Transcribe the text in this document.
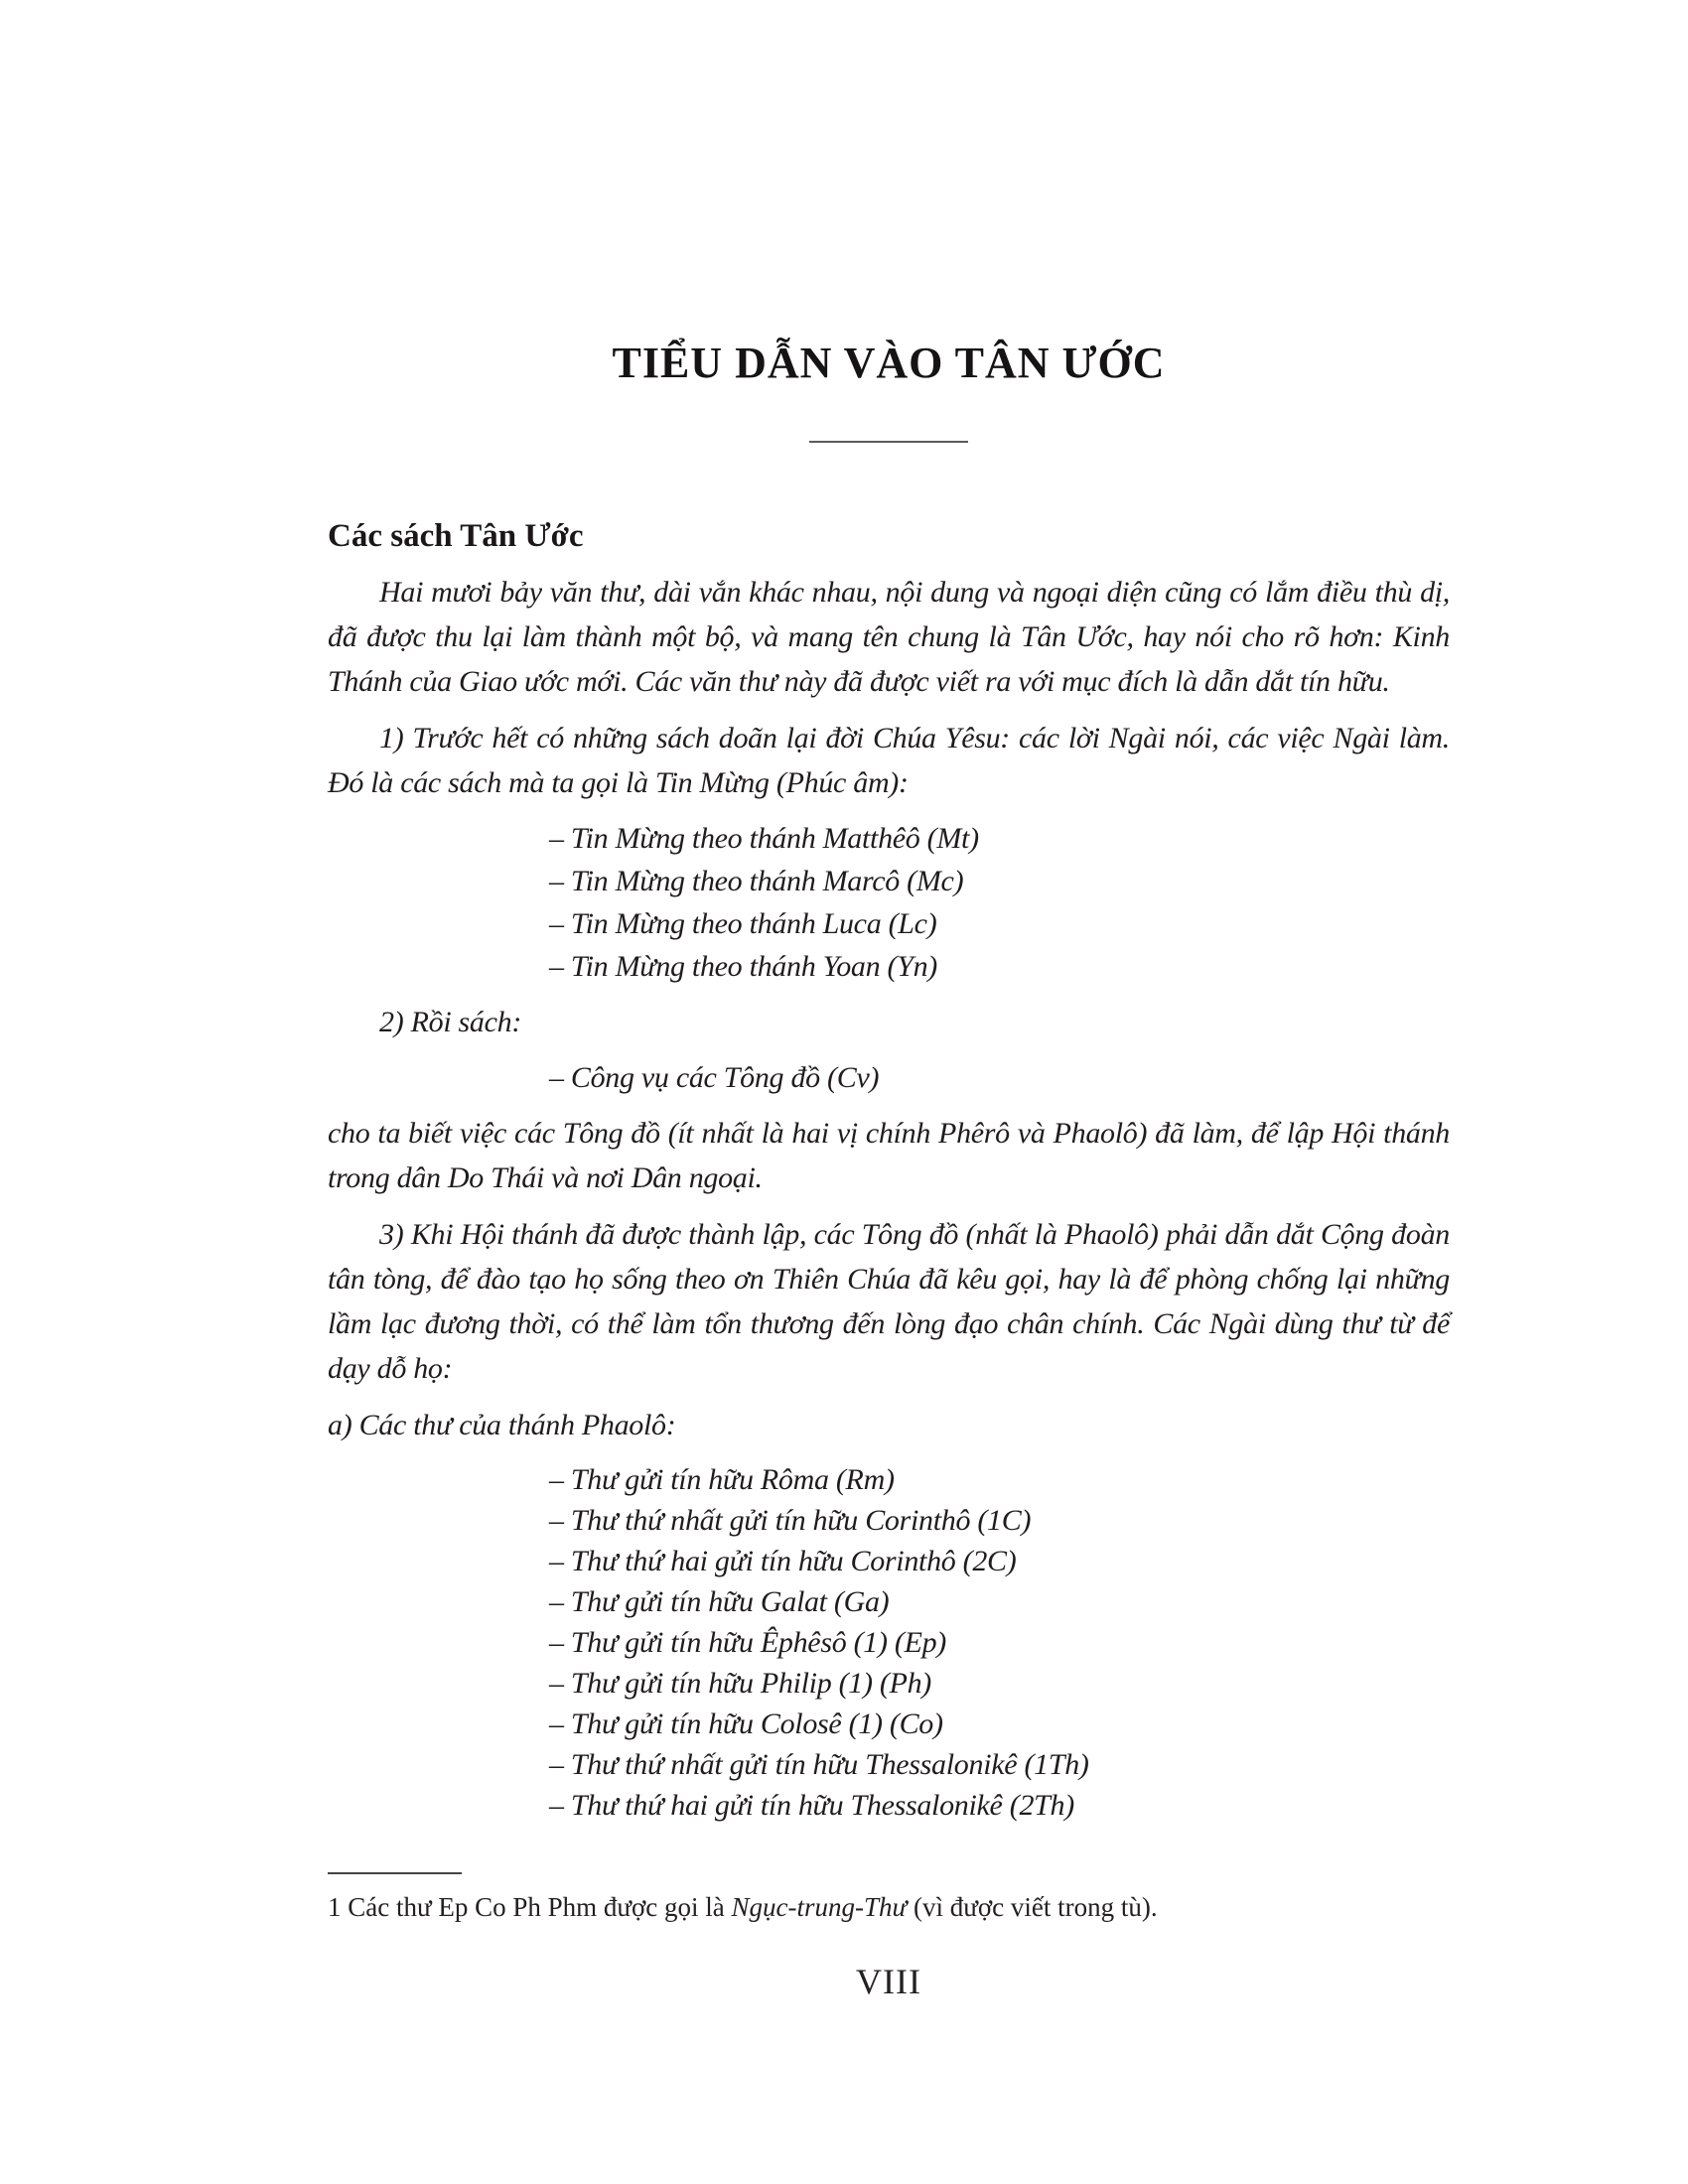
TIỂU DẪN VÀO TÂN ƯỚC
Các sách Tân Ước

Hai mươi bảy văn thư, dài vắn khác nhau, nội dung và ngoại diện cũng có lắm điều thù dị, đã được thu lại làm thành một bộ, và mang tên chung là Tân Ước, hay nói cho rõ hơn: Kinh Thánh của Giao ước mới. Các văn thư này đã được viết ra với mục đích là dẫn dắt tín hữu.

1) Trước hết có những sách doãn lại đời Chúa Yêsu: các lời Ngài nói, các việc Ngài làm. Đó là các sách mà ta gọi là Tin Mừng (Phúc âm):

– Tin Mừng theo thánh Matthêô (Mt)
– Tin Mừng theo thánh Marcô (Mc)
– Tin Mừng theo thánh Luca (Lc)
– Tin Mừng theo thánh Yoan (Yn)

2) Rồi sách:

– Công vụ các Tông đồ (Cv)

cho ta biết việc các Tông đồ (ít nhất là hai vị chính Phêrô và Phaolô) đã làm, để lập Hội thánh trong dân Do Thái và nơi Dân ngoại.

3) Khi Hội thánh đã được thành lập, các Tông đồ (nhất là Phaolô) phải dẫn dắt Cộng đoàn tân tòng, để đào tạo họ sống theo ơn Thiên Chúa đã kêu gọi, hay là để phòng chống lại những lầm lạc đương thời, có thể làm tổn thương đến lòng đạo chân chính. Các Ngài dùng thư từ để dạy dỗ họ:

a) Các thư của thánh Phaolô:

– Thư gửi tín hữu Rôma (Rm)
– Thư thứ nhất gửi tín hữu Corinthô (1C)
– Thư thứ hai gửi tín hữu Corinthô (2C)
– Thư gửi tín hữu Galat (Ga)
– Thư gửi tín hữu Êphêsô (1) (Ep)
– Thư gửi tín hữu Philip (1) (Ph)
– Thư gửi tín hữu Colosê (1) (Co)
– Thư thứ nhất gửi tín hữu Thessalonikê (1Th)
– Thư thứ hai gửi tín hữu Thessalonikê (2Th)

1 Các thư Ep Co Ph Phm được gọi là Ngục-trung-Thư (vì được viết trong tù).

VIII
